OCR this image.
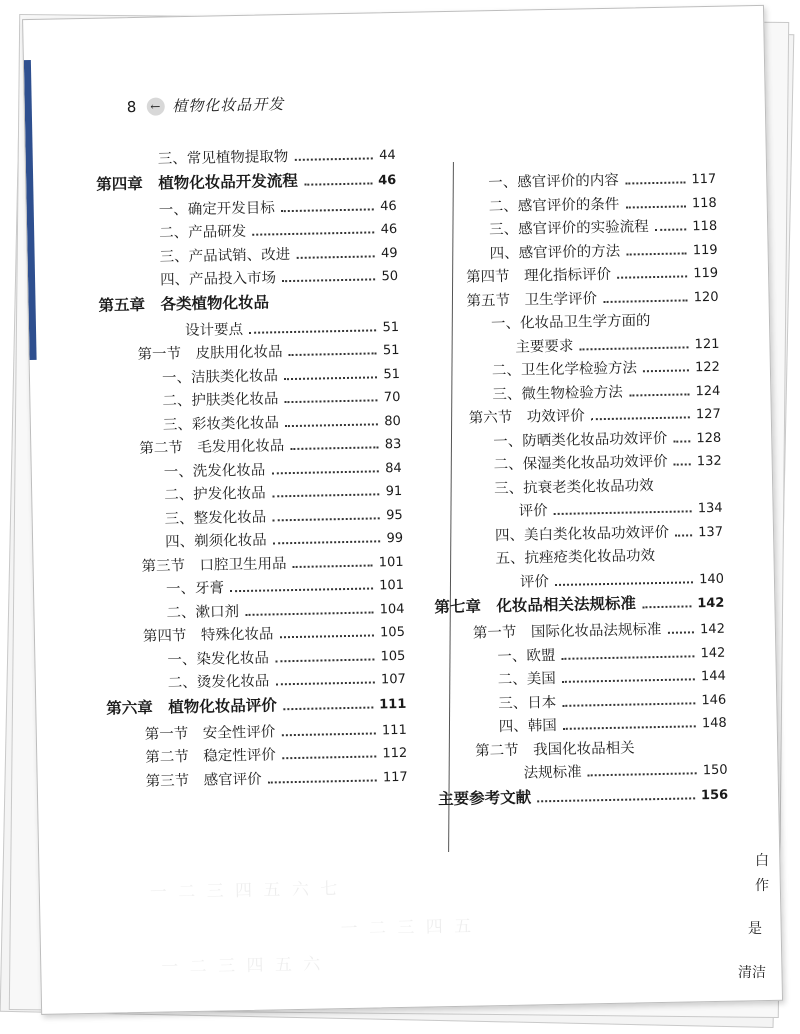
一 二 三 四 五 六 七
一 二 三 四 五
一 二 三 四 五 六
8	← 植物化妆品开发
三、常见植物提取物	44
第四章　植物化妆品开发流程	46
一、确定开发目标	46
二、产品研发	46
三、产品试销、改进	49
四、产品投入市场	50
第五章　各类植物化妆品
设计要点	51
第一节　皮肤用化妆品	51
一、洁肤类化妆品	51
二、护肤类化妆品	70
三、彩妆类化妆品	80
第二节　毛发用化妆品	83
一、洗发化妆品	84
二、护发化妆品	91
三、整发化妆品	95
四、剃须化妆品	99
第三节　口腔卫生用品	101
一、牙膏	101
二、漱口剂	104
第四节　特殊化妆品	105
一、染发化妆品	105
二、烫发化妆品	107
第六章　植物化妆品评价	111
第一节　安全性评价	111
第二节　稳定性评价	112
第三节　感官评价	117
一、感官评价的内容	117
二、感官评价的条件	118
三、感官评价的实验流程	118
四、感官评价的方法	119
第四节　理化指标评价	119
第五节　卫生学评价	120
一、化妆品卫生学方面的
主要要求	121
二、卫生化学检验方法	122
三、微生物检验方法	124
第六节　功效评价	127
一、防晒类化妆品功效评价 128
二、保湿类化妆品功效评价 132
三、抗衰老类化妆品功效
评价	134
四、美白类化妆品功效评价 137
五、抗痤疮类化妆品功效
评价	140
第七章　化妆品相关法规标准	142
第一节　国际化妆品法规标准	142
一、欧盟	142
二、美国	144
三、日本	146
四、韩国	148
第二节　我国化妆品相关
法规标准	150
主要参考文献	156
白
作
是
清洁
